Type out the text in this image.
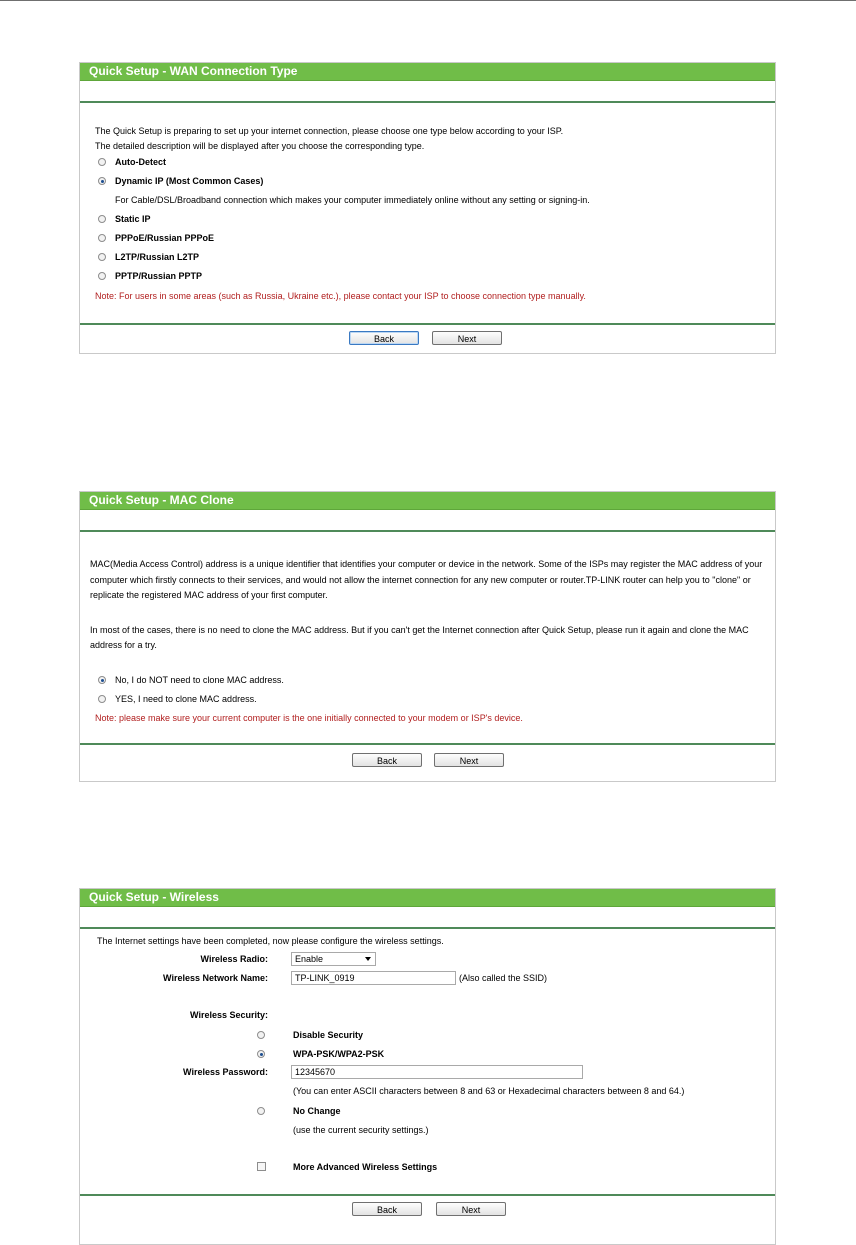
Quick Setup - WAN Connection Type
The Quick Setup is preparing to set up your internet connection, please choose one type below according to your ISP.
The detailed description will be displayed after you choose the corresponding type.
Auto-Detect
Dynamic IP (Most Common Cases)
For Cable/DSL/Broadband connection which makes your computer immediately online without any setting or signing-in.
Static IP
PPPoE/Russian PPPoE
L2TP/Russian L2TP
PPTP/Russian PPTP
Note: For users in some areas (such as Russia, Ukraine etc.), please contact your ISP to choose connection type manually.
Back	Next
Quick Setup - MAC Clone
MAC(Media Access Control) address is a unique identifier that identifies your computer or device in the network. Some of the ISPs may register the MAC address of your
computer which firstly connects to their services, and would not allow the internet connection for any new computer or router.TP-LINK router can help you to "clone" or
replicate the registered MAC address of your first computer.
In most of the cases, there is no need to clone the MAC address. But if you can't get the Internet connection after Quick Setup, please run it again and clone the MAC
address for a try.
No, I do NOT need to clone MAC address.
YES, I need to clone MAC address.
Note: please make sure your current computer is the one initially connected to your modem or ISP's device.
Back	Next
Quick Setup - Wireless
The Internet settings have been completed, now please configure the wireless settings.
Wireless Radio:	Enable
Wireless Network Name:	TP-LINK_0919	(Also called the SSID)
Wireless Security:
Disable Security
WPA-PSK/WPA2-PSK
Wireless Password:	12345670
(You can enter ASCII characters between 8 and 63 or Hexadecimal characters between 8 and 64.)
No Change
(use the current security settings.)
More Advanced Wireless Settings
Back	Next
